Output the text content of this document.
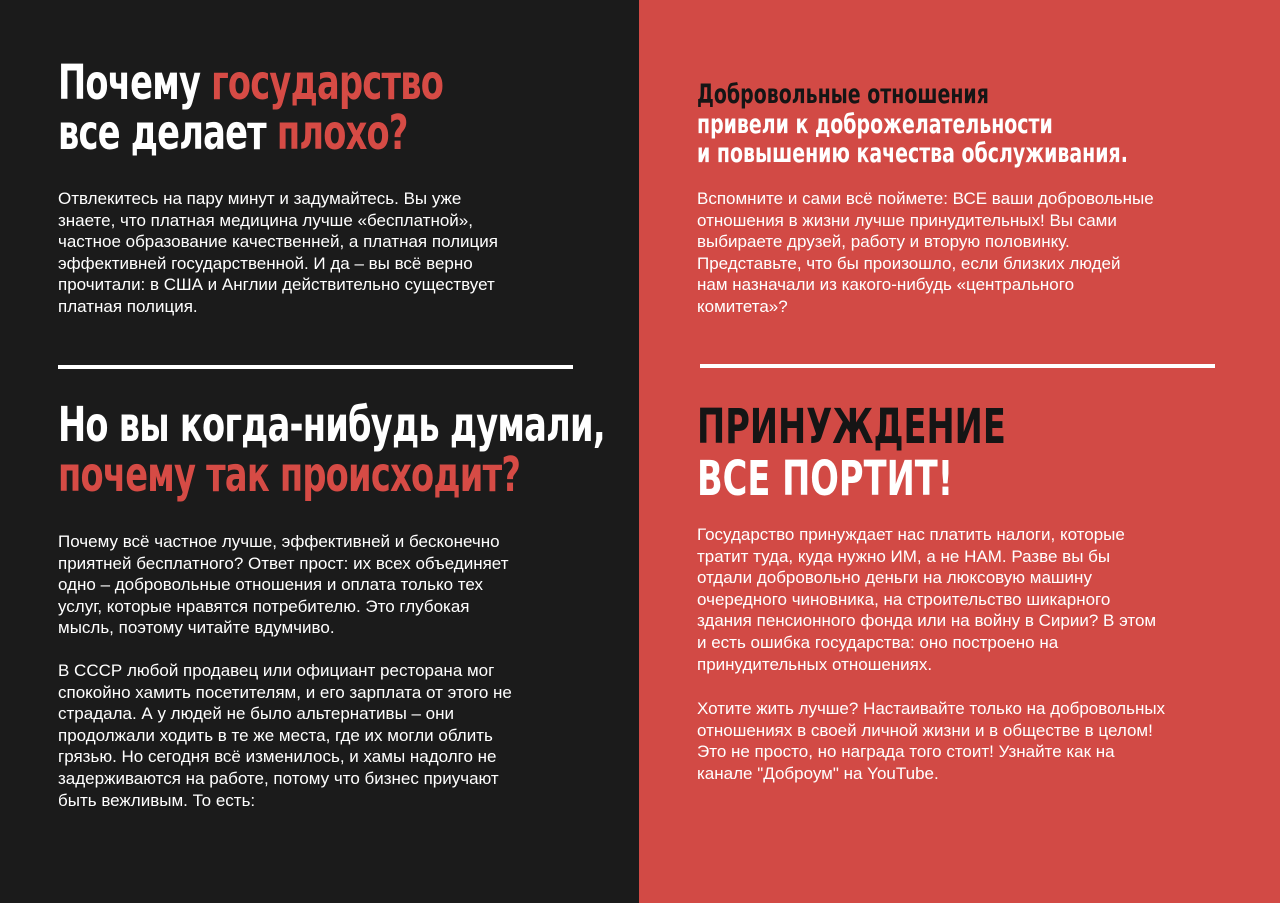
Почему государство
все делает плохо?
Отвлекитесь на пару минут и задумайтесь. Вы уже
знаете, что платная медицина лучше «бесплатной»,
частное образование качественней, а платная полиция
эффективней государственной. И да – вы всё верно
прочитали: в США и Англии действительно существует
платная полиция.
Но вы когда-нибудь думали,
почему так происходит?
Почему всё частное лучше, эффективней и бесконечно
приятней бесплатного? Ответ прост: их всех объединяет
одно – добровольные отношения и оплата только тех
услуг, которые нравятся потребителю. Это глубокая
мысль, поэтому читайте вдумчиво.
В СССР любой продавец или официант ресторана мог
спокойно хамить посетителям, и его зарплата от этого не
страдала. А у людей не было альтернативы – они
продолжали ходить в те же места, где их могли облить
грязью. Но сегодня всё изменилось, и хамы надолго не
задерживаются на работе, потому что бизнес приучают
быть вежливым. То есть:
Добровольные отношения
привели к доброжелательности
и повышению качества обслуживания.
Вспомните и сами всё поймете: ВСЕ ваши добровольные
отношения в жизни лучше принудительных! Вы сами
выбираете друзей, работу и вторую половинку.
Представьте, что бы произошло, если близких людей
нам назначали из какого-нибудь «центрального
комитета»?
ПРИНУЖДЕНИЕ
ВСЕ ПОРТИТ!
Государство принуждает нас платить налоги, которые
тратит туда, куда нужно ИМ, а не НАМ. Разве вы бы
отдали добровольно деньги на люксовую машину
очередного чиновника, на строительство шикарного
здания пенсионного фонда или на войну в Сирии? В этом
и есть ошибка государства: оно построено на
принудительных отношениях.
Хотите жить лучше? Настаивайте только на добровольных
отношениях в своей личной жизни и в обществе в целом!
Это не просто, но награда того стоит! Узнайте как на
канале "Доброум" на YouTube.
